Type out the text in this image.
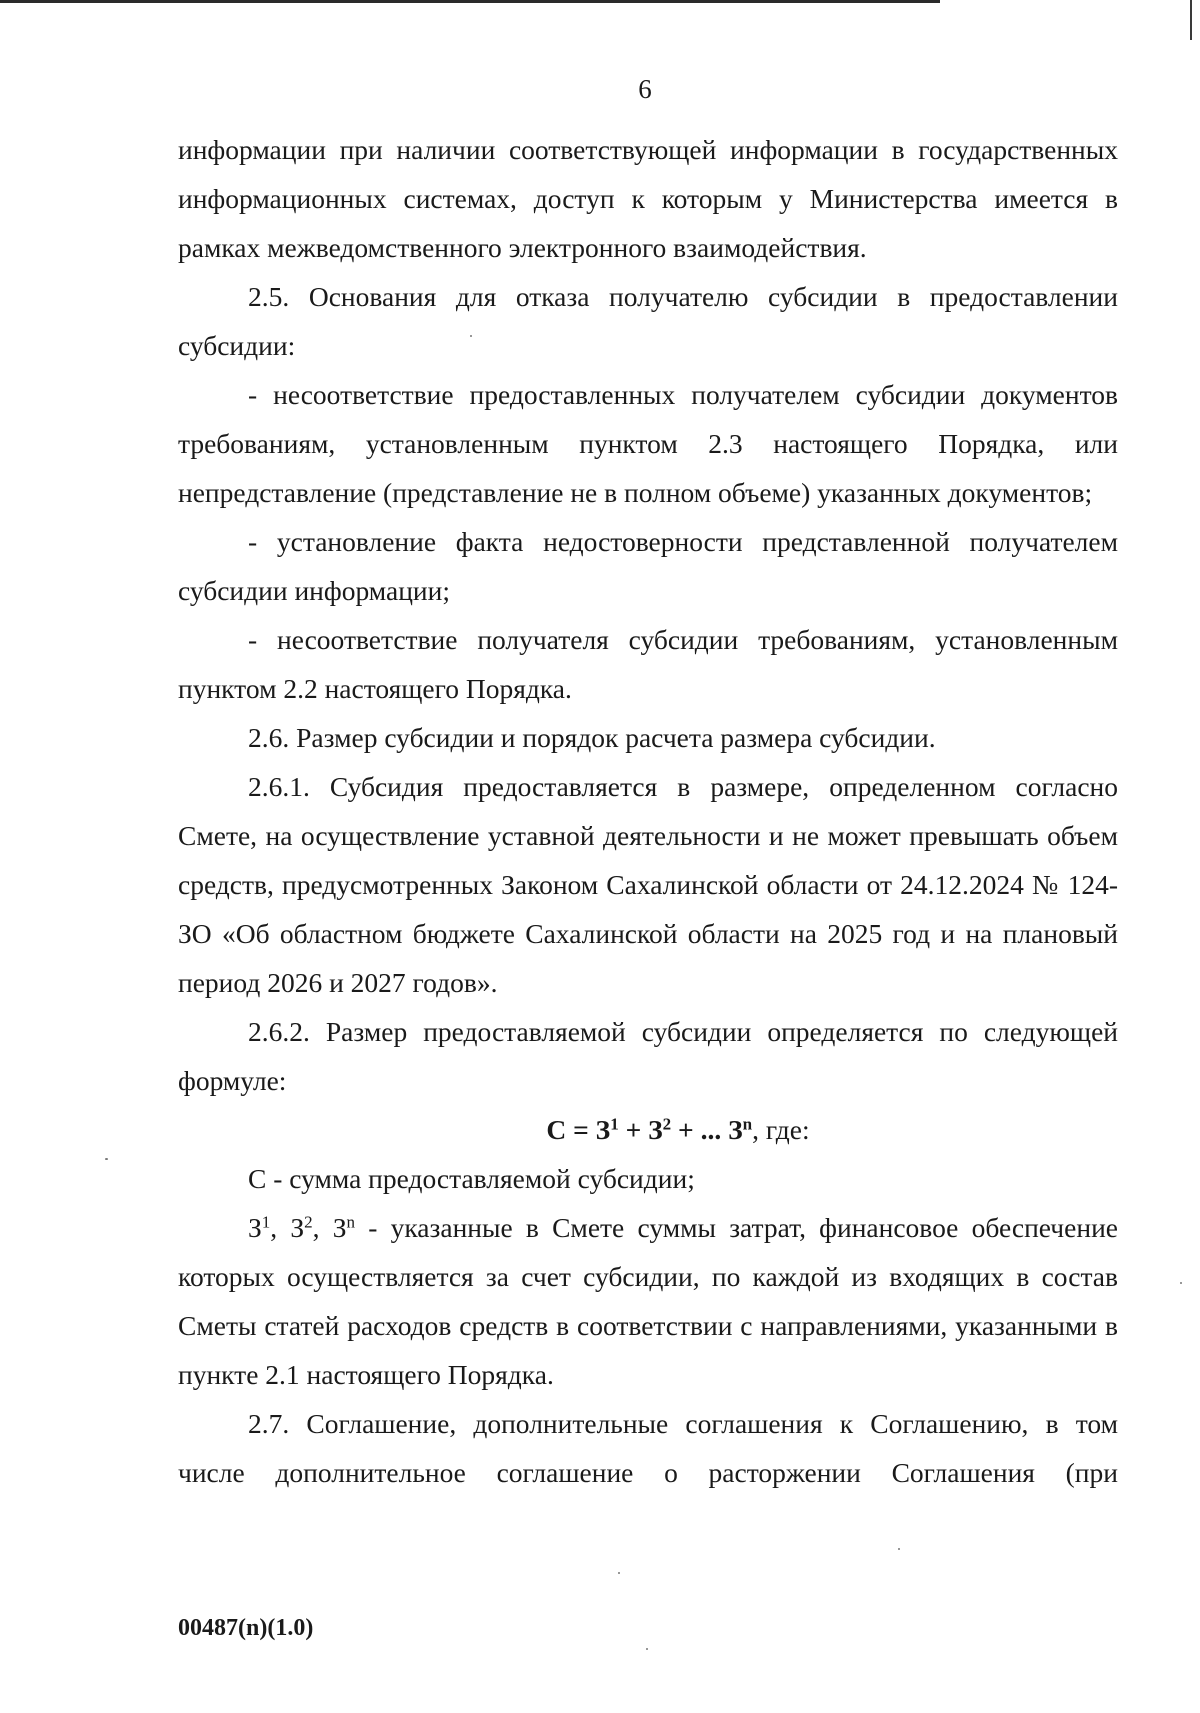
6

информации при наличии соответствующей информации в государственных информационных системах, доступ к которым у Министерства имеется в рамках межведомственного электронного взаимодействия.

2.5. Основания для отказа получателю субсидии в предоставлении субсидии:

- несоответствие предоставленных получателем субсидии документов требованиям, установленным пунктом 2.3 настоящего Порядка, или непредставление (представление не в полном объеме) указанных документов;

- установление факта недостоверности представленной получателем субсидии информации;

- несоответствие получателя субсидии требованиям, установленным пунктом 2.2 настоящего Порядка.

2.6. Размер субсидии и порядок расчета размера субсидии.

2.6.1. Субсидия предоставляется в размере, определенном согласно Смете, на осуществление уставной деятельности и не может превышать объем средств, предусмотренных Законом Сахалинской области от 24.12.2024 № 124-ЗО «Об областном бюджете Сахалинской области на 2025 год и на плановый период 2026 и 2027 годов».

2.6.2. Размер предоставляемой субсидии определяется по следующей формуле:

$С = З^1 + З^2$ + ... $З^n$, где:

С - сумма предоставляемой субсидии;

$З^1$, $З^2$, $З^n$ - указанные в Смете суммы затрат, финансовое обеспечение которых осуществляется за счет субсидии, по каждой из входящих в состав Сметы статей расходов средств в соответствии с направлениями, указанными в пункте 2.1 настоящего Порядка.

2.7. Соглашение, дополнительные соглашения к Соглашению, в том числе дополнительное соглашение о расторжении Соглашения (при

00487(n)(1.0)
